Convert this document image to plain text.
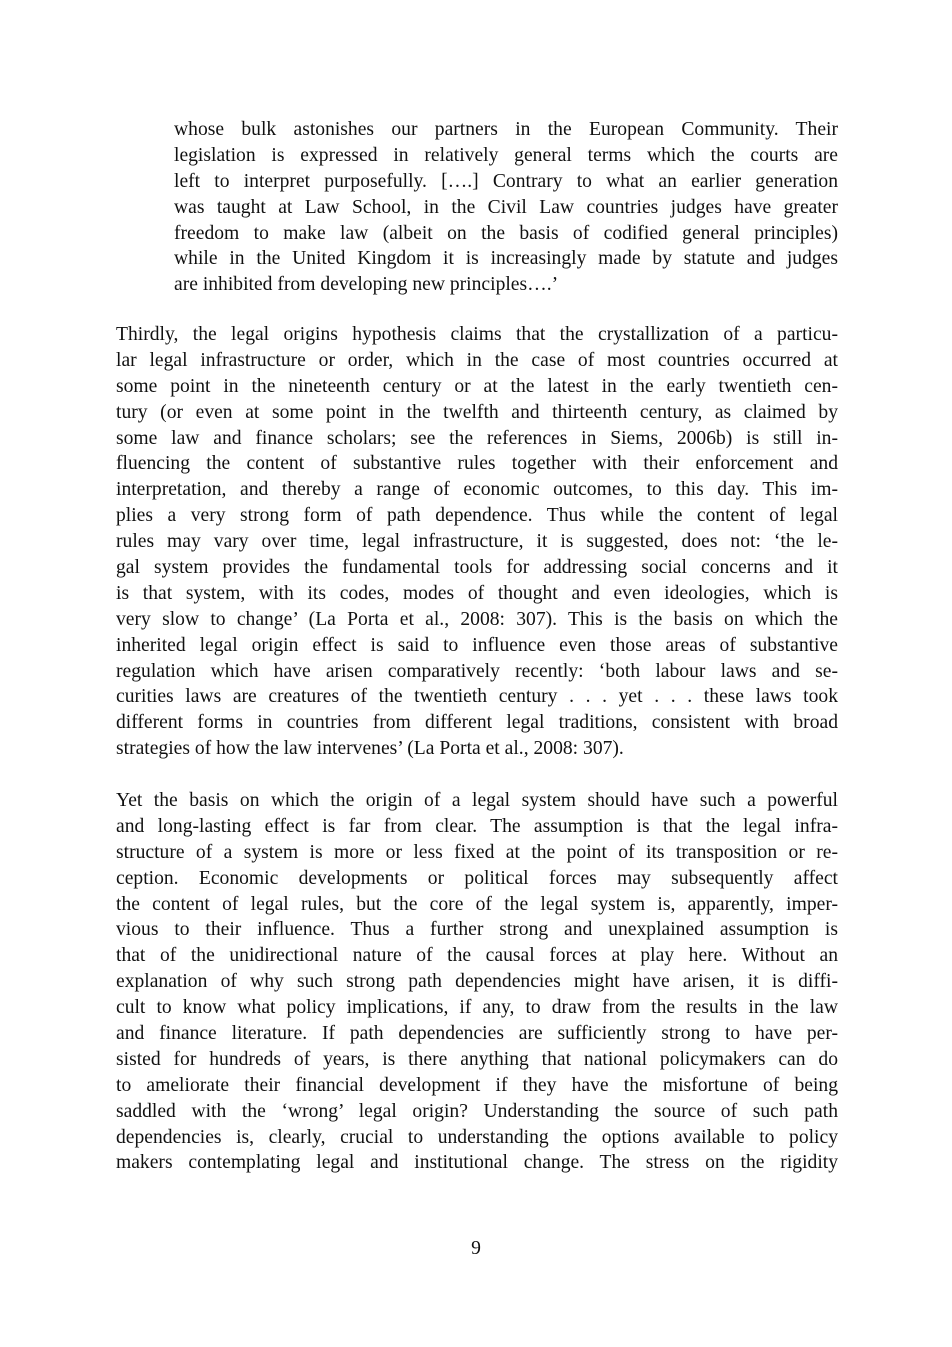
whose bulk astonishes our partners in the European Community. Their
legislation is expressed in relatively general terms which the courts are
left to interpret purposefully. [….] Contrary to what an earlier generation
was taught at Law School, in the Civil Law countries judges have greater
freedom to make law (albeit on the basis of codified general principles)
while in the United Kingdom it is increasingly made by statute and judges
are inhibited from developing new principles….’
Thirdly, the legal origins hypothesis claims that the crystallization of a particu-
lar legal infrastructure or order, which in the case of most countries occurred at
some point in the nineteenth century or at the latest in the early twentieth cen-
tury (or even at some point in the twelfth and thirteenth century, as claimed by
some law and finance scholars; see the references in Siems, 2006b) is still in-
fluencing the content of substantive rules together with their enforcement and
interpretation, and thereby a range of economic outcomes, to this day. This im-
plies a very strong form of path dependence. Thus while the content of legal
rules may vary over time, legal infrastructure, it is suggested, does not: ‘the le-
gal system provides the fundamental tools for addressing social concerns and it
is that system, with its codes, modes of thought and even ideologies, which is
very slow to change’ (La Porta et al., 2008: 307). This is the basis on which the
inherited legal origin effect is said to influence even those areas of substantive
regulation which have arisen comparatively recently: ‘both labour laws and se-
curities laws are creatures of the twentieth century . . . yet . . . these laws took
different forms in countries from different legal traditions, consistent with broad
strategies of how the law intervenes’ (La Porta et al., 2008: 307).
Yet the basis on which the origin of a legal system should have such a powerful
and long-lasting effect is far from clear. The assumption is that the legal infra-
structure of a system is more or less fixed at the point of its transposition or re-
ception. Economic developments or political forces may subsequently affect
the content of legal rules, but the core of the legal system is, apparently, imper-
vious to their influence. Thus a further strong and unexplained assumption is
that of the unidirectional nature of the causal forces at play here. Without an
explanation of why such strong path dependencies might have arisen, it is diffi-
cult to know what policy implications, if any, to draw from the results in the law
and finance literature. If path dependencies are sufficiently strong to have per-
sisted for hundreds of years, is there anything that national policymakers can do
to ameliorate their financial development if they have the misfortune of being
saddled with the ‘wrong’ legal origin? Understanding the source of such path
dependencies is, clearly, crucial to understanding the options available to policy
makers contemplating legal and institutional change. The stress on the rigidity
9
